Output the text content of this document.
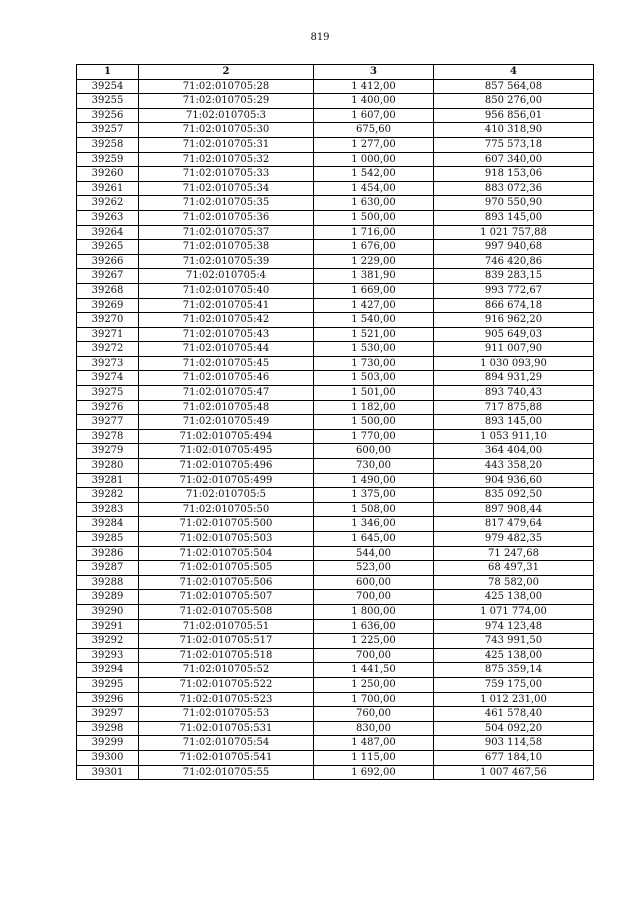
819
1	2	3	4
39254	71:02:010705:28	1 412,00	857 564,08
39255	71:02:010705:29	1 400,00	850 276,00
39256	71:02:010705:3	1 607,00	956 856,01
39257	71:02:010705:30	675,60	410 318,90
39258	71:02:010705:31	1 277,00	775 573,18
39259	71:02:010705:32	1 000,00	607 340,00
39260	71:02:010705:33	1 542,00	918 153,06
39261	71:02:010705:34	1 454,00	883 072,36
39262	71:02:010705:35	1 630,00	970 550,90
39263	71:02:010705:36	1 500,00	893 145,00
39264	71:02:010705:37	1 716,00	1 021 757,88
39265	71:02:010705:38	1 676,00	997 940,68
39266	71:02:010705:39	1 229,00	746 420,86
39267	71:02:010705:4	1 381,90	839 283,15
39268	71:02:010705:40	1 669,00	993 772,67
39269	71:02:010705:41	1 427,00	866 674,18
39270	71:02:010705:42	1 540,00	916 962,20
39271	71:02:010705:43	1 521,00	905 649,03
39272	71:02:010705:44	1 530,00	911 007,90
39273	71:02:010705:45	1 730,00	1 030 093,90
39274	71:02:010705:46	1 503,00	894 931,29
39275	71:02:010705:47	1 501,00	893 740,43
39276	71:02:010705:48	1 182,00	717 875,88
39277	71:02:010705:49	1 500,00	893 145,00
39278	71:02:010705:494	1 770,00	1 053 911,10
39279	71:02:010705:495	600,00	364 404,00
39280	71:02:010705:496	730,00	443 358,20
39281	71:02:010705:499	1 490,00	904 936,60
39282	71:02:010705:5	1 375,00	835 092,50
39283	71:02:010705:50	1 508,00	897 908,44
39284	71:02:010705:500	1 346,00	817 479,64
39285	71:02:010705:503	1 645,00	979 482,35
39286	71:02:010705:504	544,00	71 247,68
39287	71:02:010705:505	523,00	68 497,31
39288	71:02:010705:506	600,00	78 582,00
39289	71:02:010705:507	700,00	425 138,00
39290	71:02:010705:508	1 800,00	1 071 774,00
39291	71:02:010705:51	1 636,00	974 123,48
39292	71:02:010705:517	1 225,00	743 991,50
39293	71:02:010705:518	700,00	425 138,00
39294	71:02:010705:52	1 441,50	875 359,14
39295	71:02:010705:522	1 250,00	759 175,00
39296	71:02:010705:523	1 700,00	1 012 231,00
39297	71:02:010705:53	760,00	461 578,40
39298	71:02:010705:531	830,00	504 092,20
39299	71:02:010705:54	1 487,00	903 114,58
39300	71:02:010705:541	1 115,00	677 184,10
39301	71:02:010705:55	1 692,00	1 007 467,56
